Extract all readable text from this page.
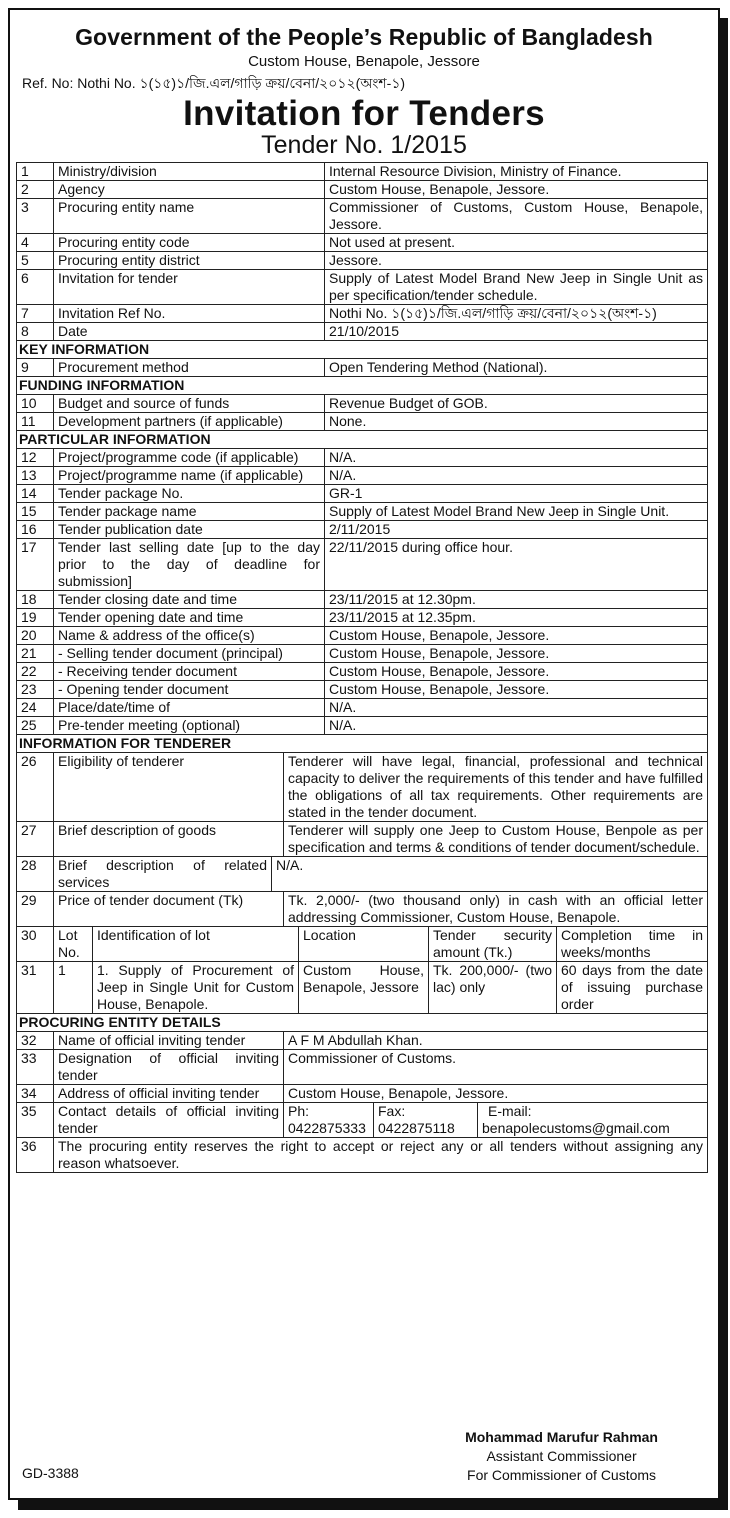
Government of the People’s Republic of Bangladesh
Custom House, Benapole, Jessore
Ref. No: Nothi No. ১(১৫)১/জি.এল/গাড়ি ক্রয়/বেনা/২০১২(অংশ-১)
Invitation for Tenders
Tender No. 1/2015
1	Ministry/division	Internal Resource Division, Ministry of Finance.
2	Agency	Custom House, Benapole, Jessore.
3	Procuring entity name	Commissioner of Customs, Custom House, Benapole, Jessore.
4	Procuring entity code	Not used at present.
5	Procuring entity district	Jessore.
6	Invitation for tender	Supply of Latest Model Brand New Jeep in Single Unit as per specification/tender schedule.
7	Invitation Ref No.	Nothi No. ১(১৫)১/জি.এল/গাড়ি ক্রয়/বেনা/২০১২(অংশ-১)
8	Date	21/10/2015
KEY INFORMATION		
9	Procurement method	Open Tendering Method (National).
FUNDING INFORMATION		
10	Budget and source of funds	Revenue Budget of GOB.
11	Development partners (if applicable)	None.
PARTICULAR INFORMATION		
12	Project/programme code (if applicable)	N/A.
13	Project/programme name (if applicable)	N/A.
14	Tender package No.	GR-1
15	Tender package name	Supply of Latest Model Brand New Jeep in Single Unit.
16	Tender publication date	2/11/2015
17	Tender last selling date [up to the day prior to the day of deadline for submission]	22/11/2015 during office hour.
18	Tender closing date and time	23/11/2015 at 12.30pm.
19	Tender opening date and time	23/11/2015 at 12.35pm.
20	Name & address of the office(s)	Custom House, Benapole, Jessore.
21	- Selling tender document (principal)	Custom House, Benapole, Jessore.
22	- Receiving tender document	Custom House, Benapole, Jessore.
23	- Opening tender document	Custom House, Benapole, Jessore.
24	Place/date/time of	N/A.
25	Pre-tender meeting (optional)	N/A.
INFORMATION FOR TENDERER		
26	Eligibility of tenderer	Tenderer will have legal, financial, professional and technical capacity to deliver the requirements of this tender and have fulfilled the obligations of all tax requirements. Other requirements are stated in the tender document.
27	Brief description of goods	Tenderer will supply one Jeep to Custom House, Benpole as per specification and terms & conditions of tender document/schedule.
28	Brief description of related services	N/A.
29	Price of tender document (Tk)	Tk. 2,000/- (two thousand only) in cash with an official letter addressing Commissioner, Custom House, Benapole.
30	Lot No.	Identification of lot	Location	Tender security amount (Tk.)	Completion time in weeks/months
31	1	1. Supply of Procurement of Jeep in Single Unit for Custom House, Benapole.	Custom House, Benapole, Jessore	Tk. 200,000/- (two lac) only	60 days from the date of issuing purchase order
PROCURING ENTITY DETAILS		
32	Name of official inviting tender	A F M Abdullah Khan.
33	Designation of official inviting tender	Commissioner of Customs.
34	Address of official inviting tender	Custom House, Benapole, Jessore.
35	Contact details of official inviting tender	
Ph:
0422875333

Fax:
0422875118

E-mail:
benapolecustoms@gmail.com
36	The procuring entity reserves the right to accept or reject any or all tenders without assigning any reason whatsoever.
Mohammad Marufur Rahman
Assistant Commissioner
For Commissioner of Customs
GD-3388
